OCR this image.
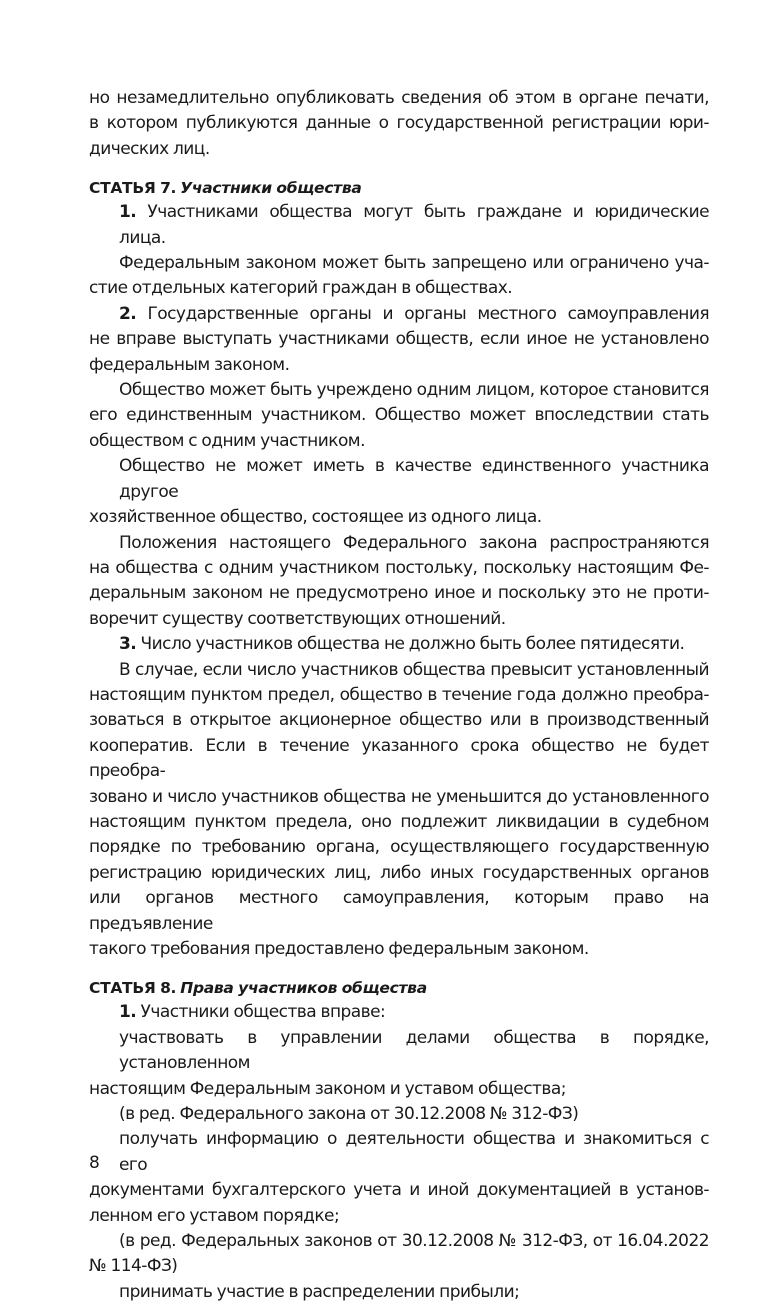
но незамедлительно опубликовать сведения об этом в органе печати,
в котором публикуются данные о государственной регистрации юри-
дических лиц.

СТАТЬЯ 7. Участники общества

1. Участниками общества могут быть граждане и юридические лица.

Федеральным законом может быть запрещено или ограничено уча-
стие отдельных категорий граждан в обществах.

2. Государственные органы и органы местного самоуправления
не вправе выступать участниками обществ, если иное не установлено
федеральным законом.

Общество может быть учреждено одним лицом, которое становится
его единственным участником. Общество может впоследствии стать
обществом с одним участником.

Общество не может иметь в качестве единственного участника другое
хозяйственное общество, состоящее из одного лица.

Положения настоящего Федерального закона распространяются
на общества с одним участником постольку, поскольку настоящим Фе-
деральным законом не предусмотрено иное и поскольку это не проти-
воречит существу соответствующих отношений.

3. Число участников общества не должно быть более пятидесяти.

В случае, если число участников общества превысит установленный
настоящим пунктом предел, общество в течение года должно преобра-
зоваться в открытое акционерное общество или в производственный
кооператив. Если в течение указанного срока общество не будет преобра-
зовано и число участников общества не уменьшится до установленного
настоящим пунктом предела, оно подлежит ликвидации в судебном
порядке по требованию органа, осуществляющего государственную
регистрацию юридических лиц, либо иных государственных органов
или органов местного самоуправления, которым право на предъявление
такого требования предоставлено федеральным законом.

СТАТЬЯ 8. Права участников общества

1. Участники общества вправе:

участвовать в управлении делами общества в порядке, установленном
настоящим Федеральным законом и уставом общества;

(в ред. Федерального закона от 30.12.2008 № 312-ФЗ)

получать информацию о деятельности общества и знакомиться с его
документами бухгалтерского учета и иной документацией в установ-
ленном его уставом порядке;

(в ред. Федеральных законов от 30.12.2008 № 312-ФЗ, от 16.04.2022
№ 114-ФЗ)

принимать участие в распределении прибыли;

8
